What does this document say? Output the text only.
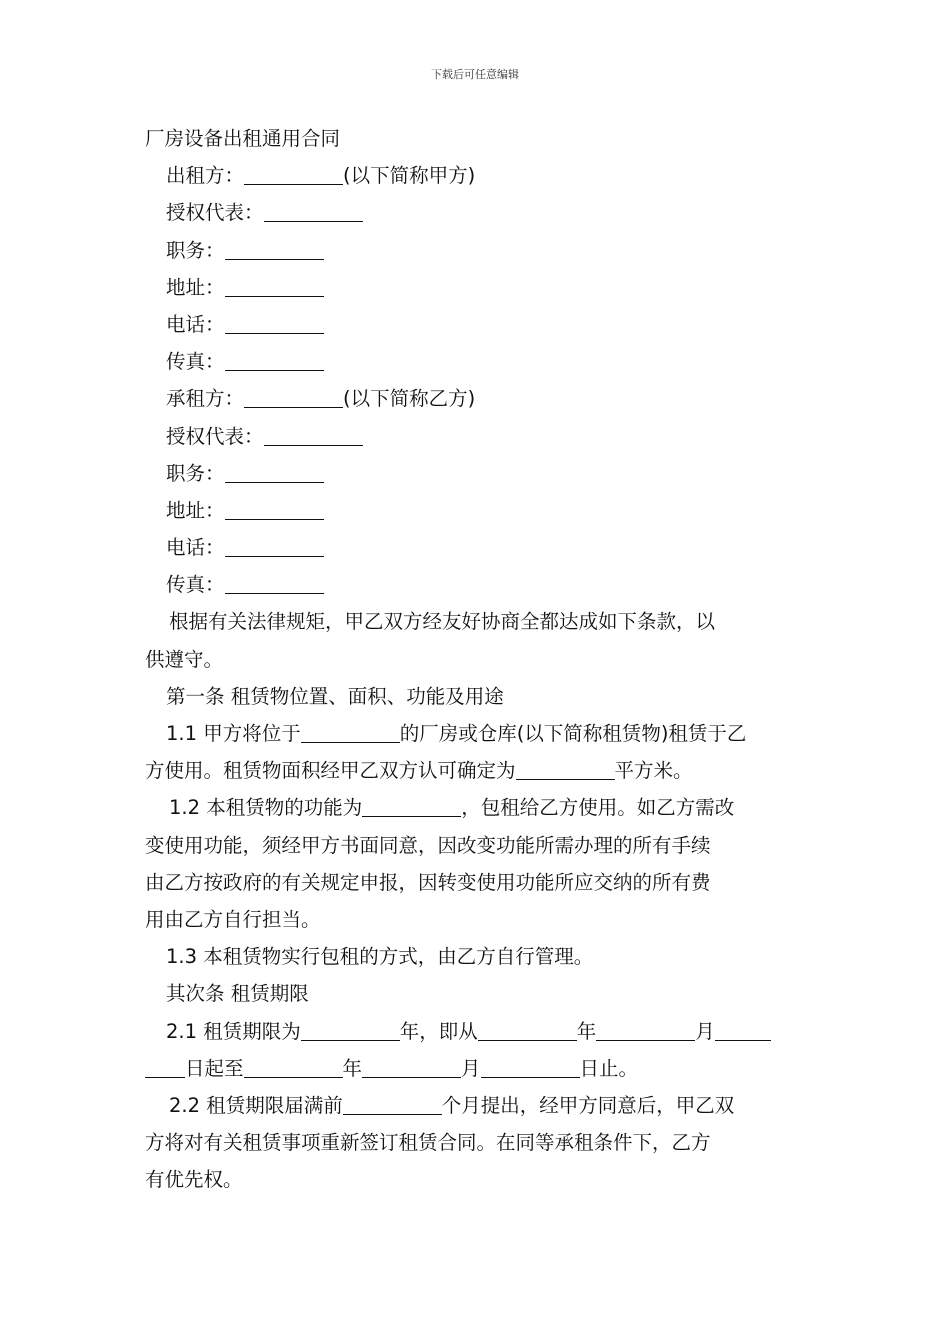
下载后可任意编辑
厂房设备出租通用合同
出租方：	(以下简称甲方)
授权代表：
职务：
地址：
电话：
传真：
承租方：	(以下简称乙方)
授权代表：
职务：
地址：
电话：
传真：
根据有关法律规矩，甲乙双方经友好协商全都达成如下条款，以
供遵守。
第一条 租赁物位置、面积、功能及用途
1.1 甲方将位于	的厂房或仓库(以下简称租赁物)租赁于乙
方使用。租赁物面积经甲乙双方认可确定为	平方米。
1.2 本租赁物的功能为	，包租给乙方使用。如乙方需改
变使用功能，须经甲方书面同意，因改变功能所需办理的所有手续
由乙方按政府的有关规定申报，因转变使用功能所应交纳的所有费
用由乙方自行担当。
1.3 本租赁物实行包租的方式，由乙方自行管理。
其次条 租赁期限
2.1 租赁期限为	年，即从	年	月
日起至	年	月	日止。
2.2 租赁期限届满前	个月提出，经甲方同意后，甲乙双
方将对有关租赁事项重新签订租赁合同。在同等承租条件下，乙方
有优先权。
